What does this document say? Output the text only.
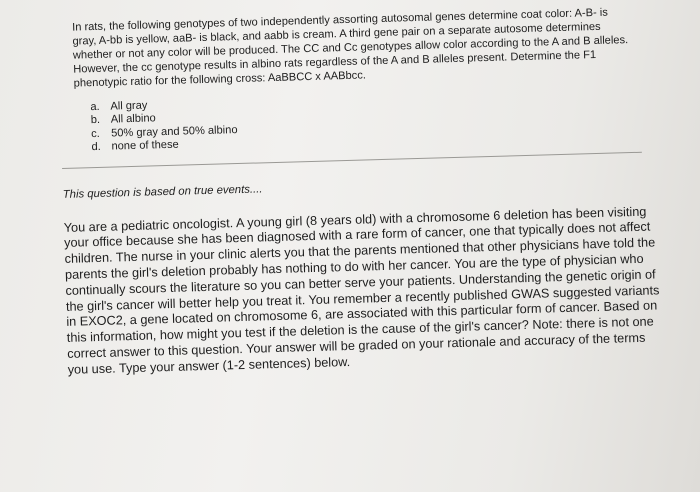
In rats, the following genotypes of two independently assorting autosomal genes determine coat color: A-B- is gray, A-bb is yellow, aaB- is black, and aabb is cream. A third gene pair on a separate autosome determines whether or not any color will be produced. The CC and Cc genotypes allow color according to the A and B alleles. However, the cc genotype results in albino rats regardless of the A and B alleles present. Determine the F1 phenotypic ratio for the following cross: AaBBCC x AABbcc.

a. All gray
b. All albino
c. 50% gray and 50% albino
d. none of these

This question is based on true events....

You are a pediatric oncologist. A young girl (8 years old) with a chromosome 6 deletion has been visiting your office because she has been diagnosed with a rare form of cancer, one that typically does not affect children. The nurse in your clinic alerts you that the parents mentioned that other physicians have told the parents the girl's deletion probably has nothing to do with her cancer. You are the type of physician who continually scours the literature so you can better serve your patients. Understanding the genetic origin of the girl's cancer will better help you treat it. You remember a recently published GWAS suggested variants in EXOC2, a gene located on chromosome 6, are associated with this particular form of cancer. Based on this information, how might you test if the deletion is the cause of the girl's cancer? Note: there is not one correct answer to this question. Your answer will be graded on your rationale and accuracy of the terms you use. Type your answer (1-2 sentences) below.
